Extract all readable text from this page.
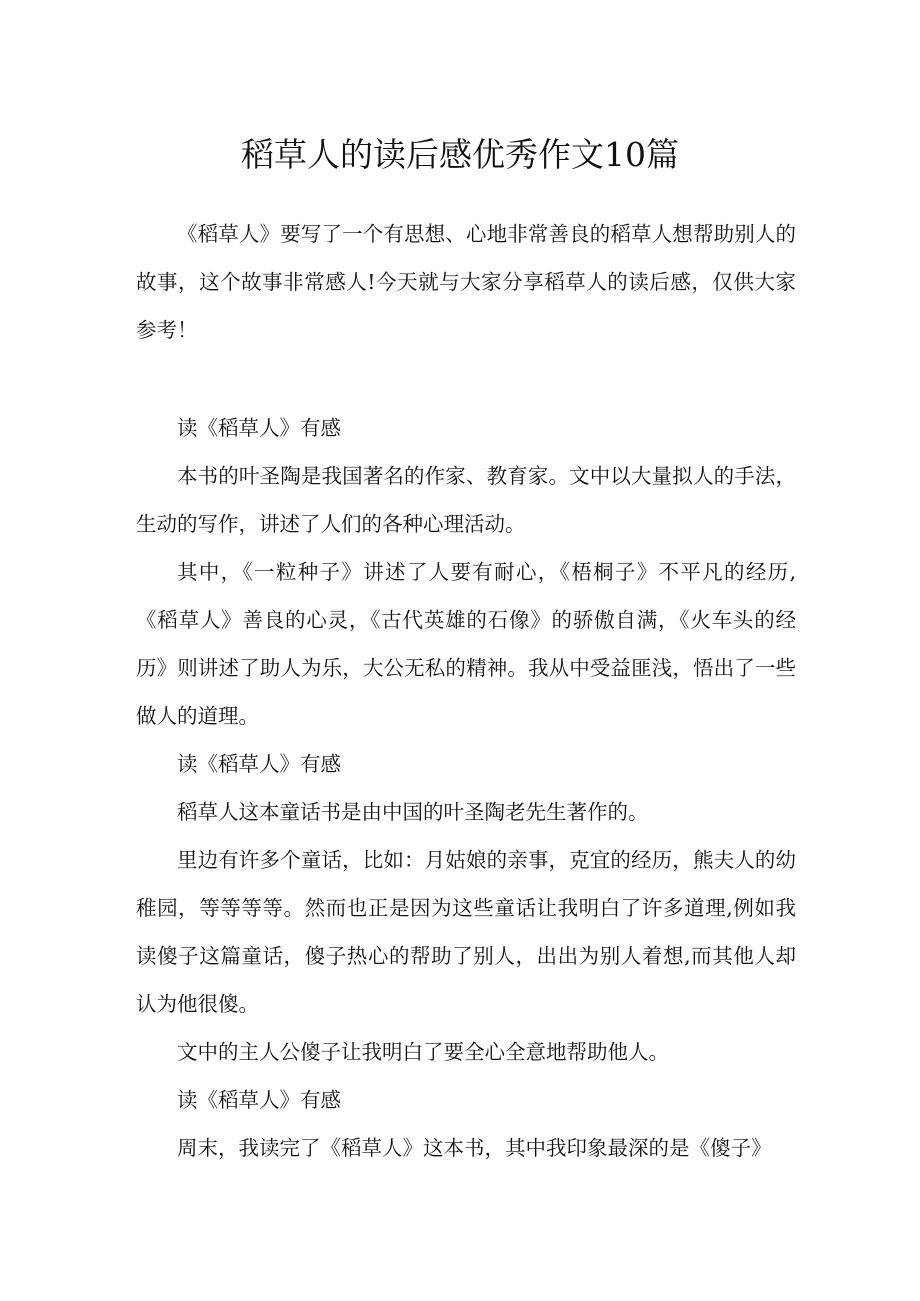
稻草人的读后感优秀作文10篇

《稻草人》要写了一个有思想、心地非常善良的稻草人想帮助别人的故事，这个故事非常感人!今天就与大家分享稻草人的读后感，仅供大家参考！

读《稻草人》有感

本书的叶圣陶是我国著名的作家、教育家。文中以大量拟人的手法，生动的写作，讲述了人们的各种心理活动。

其中，《一粒种子》讲述了人要有耐心，《梧桐子》不平凡的经历,《稻草人》善良的心灵，《古代英雄的石像》的骄傲自满，《火车头的经历》则讲述了助人为乐，大公无私的精神。我从中受益匪浅，悟出了一些做人的道理。

读《稻草人》有感

稻草人这本童话书是由中国的叶圣陶老先生著作的。

里边有许多个童话，比如：月姑娘的亲事，克宜的经历，熊夫人的幼稚园，等等等等。然而也正是因为这些童话让我明白了许多道理,例如我读傻子这篇童话，傻子热心的帮助了别人，出出为别人着想,而其他人却认为他很傻。

文中的主人公傻子让我明白了要全心全意地帮助他人。

读《稻草人》有感

周末，我读完了《稻草人》这本书，其中我印象最深的是《傻子》
